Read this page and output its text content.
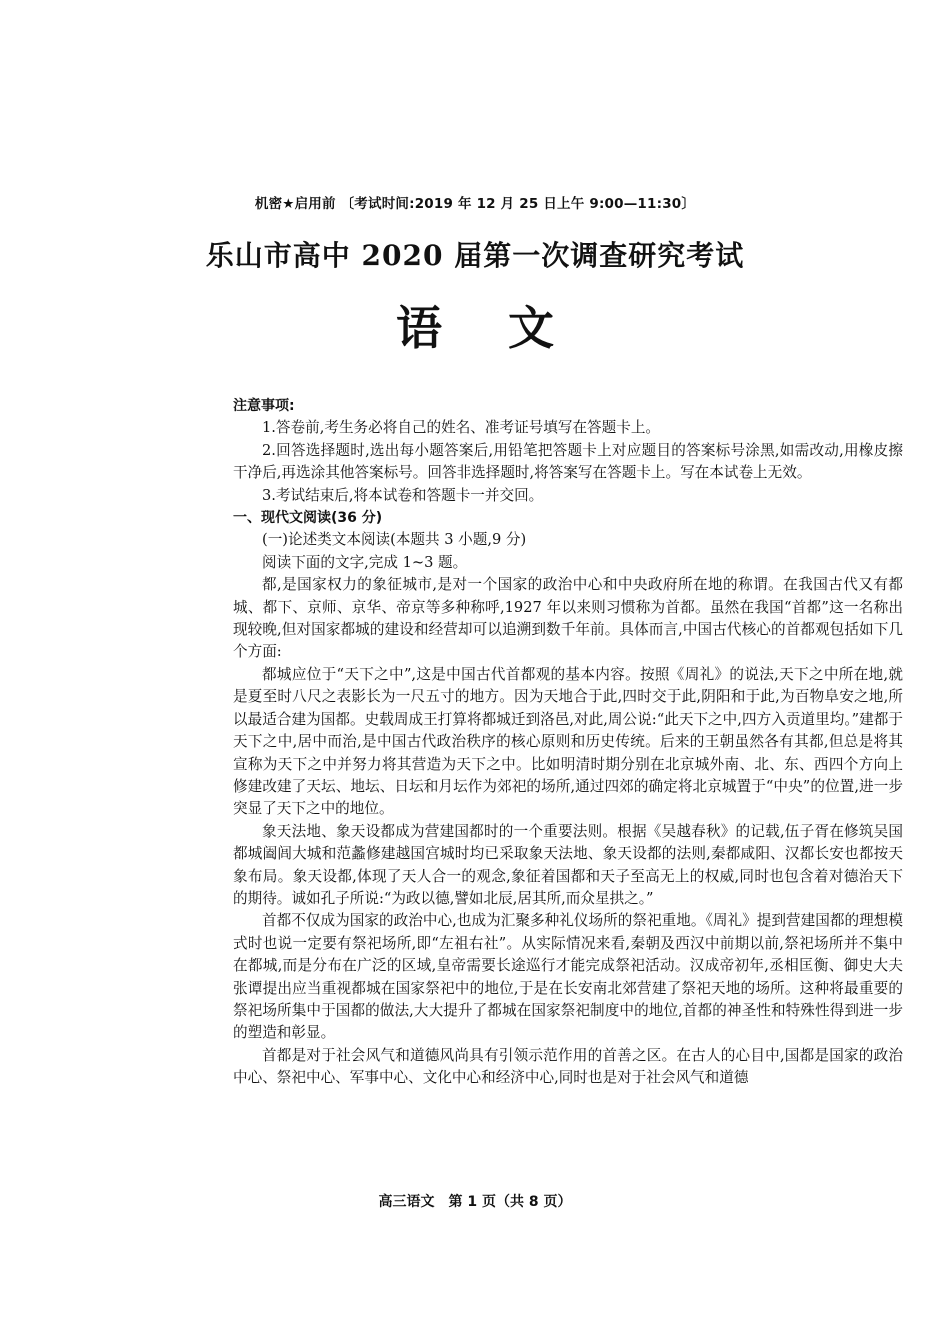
机密★启用前 〔考试时间:2019 年 12 月 25 日上午 9:00—11:30〕
乐山市高中 2020 届第一次调查研究考试
语文

注意事项:

1.答卷前,考生务必将自己的姓名、准考证号填写在答题卡上。

2.回答选择题时,选出每小题答案后,用铅笔把答题卡上对应题目的答案标号涂黑,如需改动,用橡皮擦干净后,再选涂其他答案标号。回答非选择题时,将答案写在答题卡上。写在本试卷上无效。

3.考试结束后,将本试卷和答题卡一并交回。

一、现代文阅读(36 分)

(一)论述类文本阅读(本题共 3 小题,9 分)

阅读下面的文字,完成 1~3 题。

都,是国家权力的象征城市,是对一个国家的政治中心和中央政府所在地的称谓。在我国古代又有都城、都下、京师、京华、帝京等多种称呼,1927 年以来则习惯称为首都。虽然在我国“首都”这一名称出现较晚,但对国家都城的建设和经营却可以追溯到数千年前。具体而言,中国古代核心的首都观包括如下几个方面:

都城应位于“天下之中”,这是中国古代首都观的基本内容。按照《周礼》的说法,天下之中所在地,就是夏至时八尺之表影长为一尺五寸的地方。因为天地合于此,四时交于此,阴阳和于此,为百物阜安之地,所以最适合建为国都。史载周成王打算将都城迁到洛邑,对此,周公说:“此天下之中,四方入贡道里均。”建都于天下之中,居中而治,是中国古代政治秩序的核心原则和历史传统。后来的王朝虽然各有其都,但总是将其宣称为天下之中并努力将其营造为天下之中。比如明清时期分别在北京城外南、北、东、西四个方向上修建改建了天坛、地坛、日坛和月坛作为郊祀的场所,通过四郊的确定将北京城置于“中央”的位置,进一步突显了天下之中的地位。

象天法地、象天设都成为营建国都时的一个重要法则。根据《吴越春秋》的记载,伍子胥在修筑吴国都城阖闾大城和范蠡修建越国宫城时均已采取象天法地、象天设都的法则,秦都咸阳、汉都长安也都按天象布局。象天设都,体现了天人合一的观念,象征着国都和天子至高无上的权威,同时也包含着对德治天下的期待。诚如孔子所说:“为政以德,譬如北辰,居其所,而众星拱之。”

首都不仅成为国家的政治中心,也成为汇聚多种礼仪场所的祭祀重地。《周礼》提到营建国都的理想模式时也说一定要有祭祀场所,即“左祖右社”。从实际情况来看,秦朝及西汉中前期以前,祭祀场所并不集中在都城,而是分布在广泛的区域,皇帝需要长途巡行才能完成祭祀活动。汉成帝初年,丞相匡衡、御史大夫张谭提出应当重视都城在国家祭祀中的地位,于是在长安南北郊营建了祭祀天地的场所。这种将最重要的祭祀场所集中于国都的做法,大大提升了都城在国家祭祀制度中的地位,首都的神圣性和特殊性得到进一步的塑造和彰显。

首都是对于社会风气和道德风尚具有引领示范作用的首善之区。在古人的心目中,国都是国家的政治中心、祭祀中心、军事中心、文化中心和经济中心,同时也是对于社会风气和道德

高三语文　第 1 页（共 8 页）
